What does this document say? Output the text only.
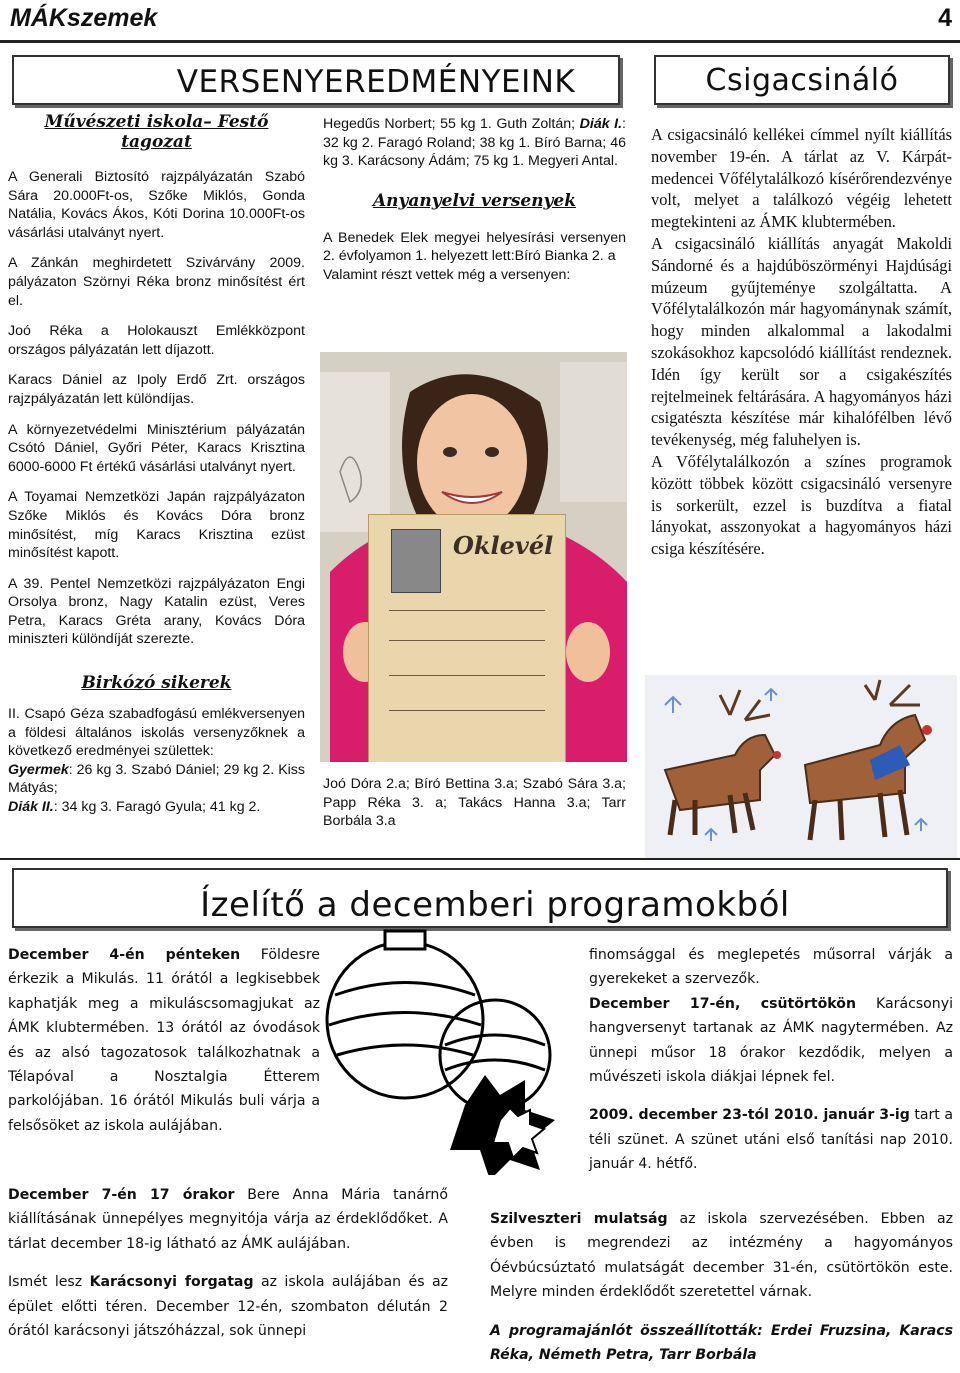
MÁKszemek	4
VERSENYEREDMÉNYEINK
Művészeti iskola– Festő tagozat

A Generali Biztosító rajzpályázatán Szabó Sára 20.000Ft-os, Szőke Miklós, Gonda Natália, Kovács Ákos, Kóti Dorina 10.000Ft-os vásárlási utalványt nyert.

A Zánkán meghirdetett Szivárvány 2009. pályázaton Szörnyi Réka bronz minősítést ért el.

Joó Réka a Holokauszt Emlékközpont országos pályázatán lett díjazott.

Karacs Dániel az Ipoly Erdő Zrt. országos rajzpályázatán lett különdíjas.

A környezetvédelmi Minisztérium pályázatán Csótó Dániel, Győri Péter, Karacs Krisztina 6000-6000 Ft értékű vásárlási utalványt nyert.

A Toyamai Nemzetközi Japán rajzpályázaton Szőke Miklós és Kovács Dóra bronz minősítést, míg Karacs Krisztina ezüst minősítést kapott.

A 39. Pentel Nemzetközi rajzpályázaton Engi Orsolya bronz, Nagy Katalin ezüst, Veres Petra, Karacs Gréta arany, Kovács Dóra miniszteri különdíját szerezte.

Birkózó sikerek

II. Csapó Géza szabadfogású emlékversenyen a földesi általános iskolás versenyzőknek a következő eredményei születtek:

Gyermek: 26 kg 3. Szabó Dániel; 29 kg 2. Kiss Mátyás;

Diák II.: 34 kg 3. Faragó Gyula; 41 kg 2.

Hegedűs Norbert; 55 kg 1. Guth Zoltán; Diák I.: 32 kg 2. Faragó Roland; 38 kg 1. Bíró Barna; 46 kg 3. Karácsony Ádám; 75 kg 1. Megyeri Antal.

Anyanyelvi versenyek

A Benedek Elek megyei helyesírási versenyen 2. évfolyamon 1. helyezett lett:Bíró Bianka 2. a

Valamint részt vettek még a versenyen:

Oklevél

Joó Dóra 2.a; Bíró Bettina 3.a; Szabó Sára 3.a; Papp Réka 3. a; Takács Hanna 3.a; Tarr Borbála 3.a

Csigacsináló

A csigacsináló kellékei címmel nyílt kiállítás november 19-én. A tárlat az V. Kárpát-medencei Vőfélytalálkozó kísérőrendezvénye volt, melyet a találkozó végéig lehetett megtekinteni az ÁMK klubtermében.

A csigacsináló kiállítás anyagát Makoldi Sándorné és a hajdúböszörményi Hajdúsági múzeum gyűjteménye szolgáltatta. A Vőfélytalálkozón már hagyománynak számít, hogy minden alkalommal a lakodalmi szokásokhoz kapcsolódó kiállítást rendeznek. Idén így került sor a csigakészítés rejtelmeinek feltárására. A hagyományos házi csigatészta készítése már kihalófélben lévő tevékenység, még faluhelyen is.

A Vőfélytalálkozón a színes programok között többek között csigacsináló versenyre is sorkerült, ezzel is buzdítva a fiatal lányokat, asszonyokat a hagyományos házi csiga készítésére.

Ízelítő a decemberi programokból

December 4-én pénteken Földesre érkezik a Mikulás. 11 órától a legkisebbek kaphatják meg a mikuláscsomagjukat az ÁMK klubtermében. 13 órától az óvodások és az alsó tagozatosok találkozhatnak a Télapóval a Nosztalgia Étterem parkolójában. 16 órától Mikulás buli várja a felsősöket az iskola aulájában.

December 7-én 17 órakor Bere Anna Mária tanárnő kiállításának ünnepélyes megnyitója várja az érdeklődőket. A tárlat december 18-ig látható az ÁMK aulájában.

Ismét lesz Karácsonyi forgatag az iskola aulájában és az épület előtti téren. December 12-én, szombaton délután 2 órától karácsonyi játszóházzal, sok ünnepi

finomsággal és meglepetés műsorral várják a gyerekeket a szervezők.

December 17-én, csütörtökön Karácsonyi hangversenyt tartanak az ÁMK nagytermében. Az ünnepi műsor 18 órakor kezdődik, melyen a művészeti iskola diákjai lépnek fel.

2009. december 23-tól 2010. január 3-ig tart a téli szünet. A szünet utáni első tanítási nap 2010. január 4. hétfő.

Szilveszteri mulatság az iskola szervezésében. Ebben az évben is megrendezi az intézmény a hagyományos Óévbúcsúztató mulatságát december 31-én, csütörtökön este. Melyre minden érdeklődőt szeretettel várnak.

A programajánlót összeállították: Erdei Fruzsina, Karacs Réka, Németh Petra, Tarr Borbála
